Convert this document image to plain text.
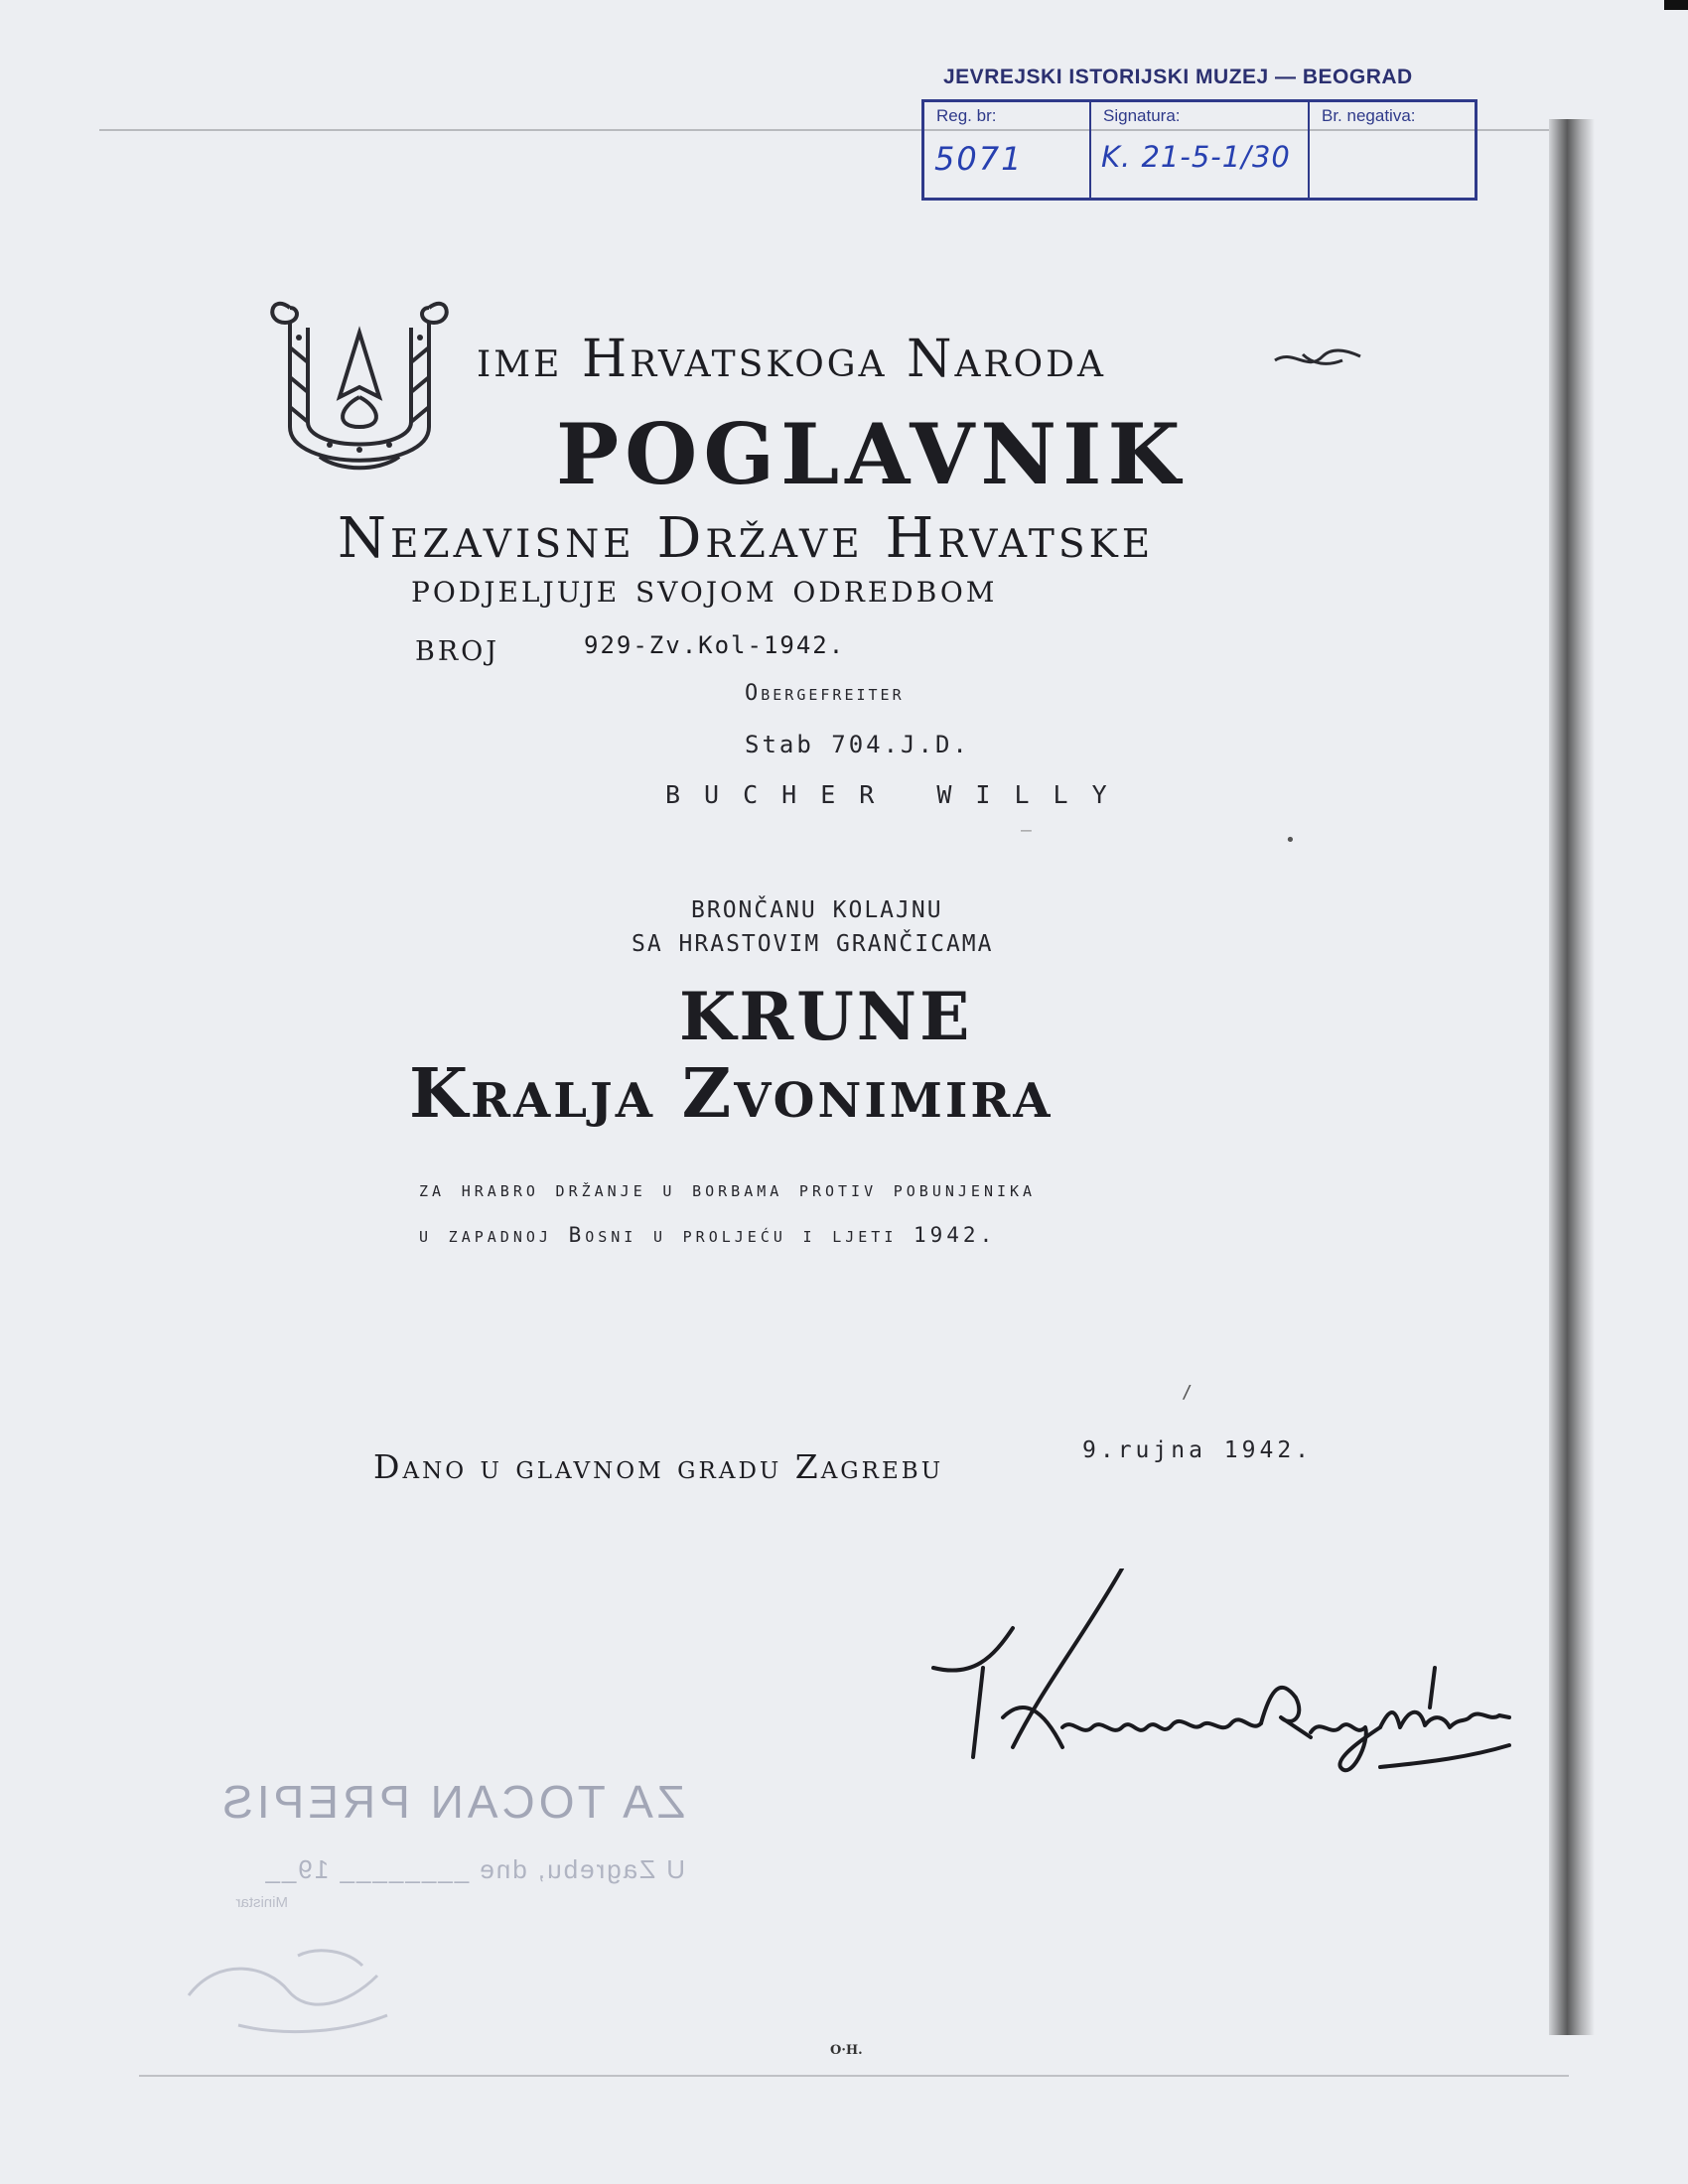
JEVREJSKI ISTORIJSKI MUZEJ — BEOGRAD
Reg. br:
5071
Signatura:
K. 21-5-1/30
Br. negativa:
ime Hrvatskoga Naroda
POGLAVNIK
Nezavisne Države Hrvatske
podjeljuje svojom odredbom
broj	929-Zv.Kol-1942.
Obergefreiter
Stab 704.J.D.
BUCHER WILLY
•
–
BRONČANU KOLAJNU
SA HRASTOVIM GRANČICAMA
KRUNE
Kralja Zvonimira
za hrabro držanje u borbama protiv pobunjenika
u zapadnoj Bosni u proljeću i ljeti 1942.
/
Dano u glavnom gradu Zagrebu	9.rujna 1942.
ZA TOCAN PREPIS
U Zagrebu, dne ________ 19__
Ministar
O·H.
